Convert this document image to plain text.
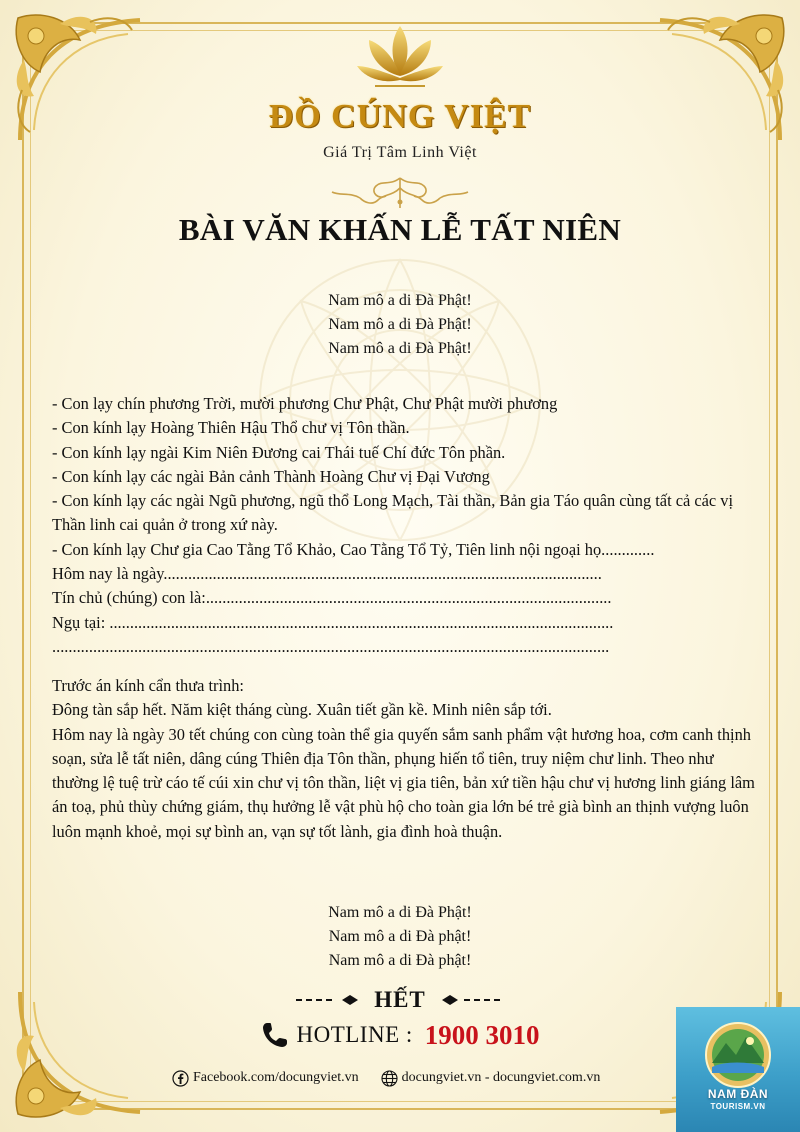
ĐỒ CÚNG VIỆT
Giá Trị Tâm Linh Việt
BÀI VĂN KHẤN LỄ TẤT NIÊN
Nam mô a di Đà Phật!
Nam mô a di Đà Phật!
Nam mô a di Đà Phật!

- Con lạy chín phương Trời, mười phương Chư Phật, Chư Phật mười phương

- Con kính lạy Hoàng Thiên Hậu Thổ chư vị Tôn thần.

- Con kính lạy ngài Kim Niên Đương cai Thái tuế Chí đức Tôn phần.

- Con kính lạy các ngài Bản cảnh Thành Hoàng Chư vị Đại Vương

- Con kính lạy các ngài Ngũ phương, ngũ thổ Long Mạch, Tài thần, Bản gia Táo quân cùng tất cả các vị Thần linh cai quản ở trong xứ này.

- Con kính lạy Chư gia Cao Tằng Tổ Khảo, Cao Tằng Tổ Tỷ, Tiên linh nội ngoại họ.............

Hôm nay là ngày...........................................................................................................

Tín chủ (chúng) con là:...................................................................................................

Ngụ tại: ...........................................................................................................................

........................................................................................................................................

Trước án kính cẩn thưa trình:

Đông tàn sắp hết. Năm kiệt tháng cùng. Xuân tiết gần kề. Minh niên sắp tới.

Hôm nay là ngày 30 tết chúng con cùng toàn thể gia quyến sắm sanh phẩm vật hương hoa, cơm canh thịnh soạn, sửa lễ tất niên, dâng cúng Thiên địa Tôn thần, phụng hiến tổ tiên, truy niệm chư linh. Theo như thường lệ tuệ trừ cáo tế cúi xin chư vị tôn thần, liệt vị gia tiên, bản xứ tiền hậu chư vị hương linh giáng lâm án toạ, phủ thùy chứng giám, thụ hưởng lễ vật phù hộ cho toàn gia lớn bé trẻ già bình an thịnh vượng luôn luôn mạnh khoẻ, mọi sự bình an, vạn sự tốt lành, gia đình hoà thuận.

Nam mô a di Đà Phật!
Nam mô a di Đà phật!
Nam mô a di Đà phật!
HẾT
HOTLINE : 1900 3010
Facebook.com/docungviet.vn	docungviet.vn - docungviet.com.vn
NAM ĐÀN
TOURISM.VN
